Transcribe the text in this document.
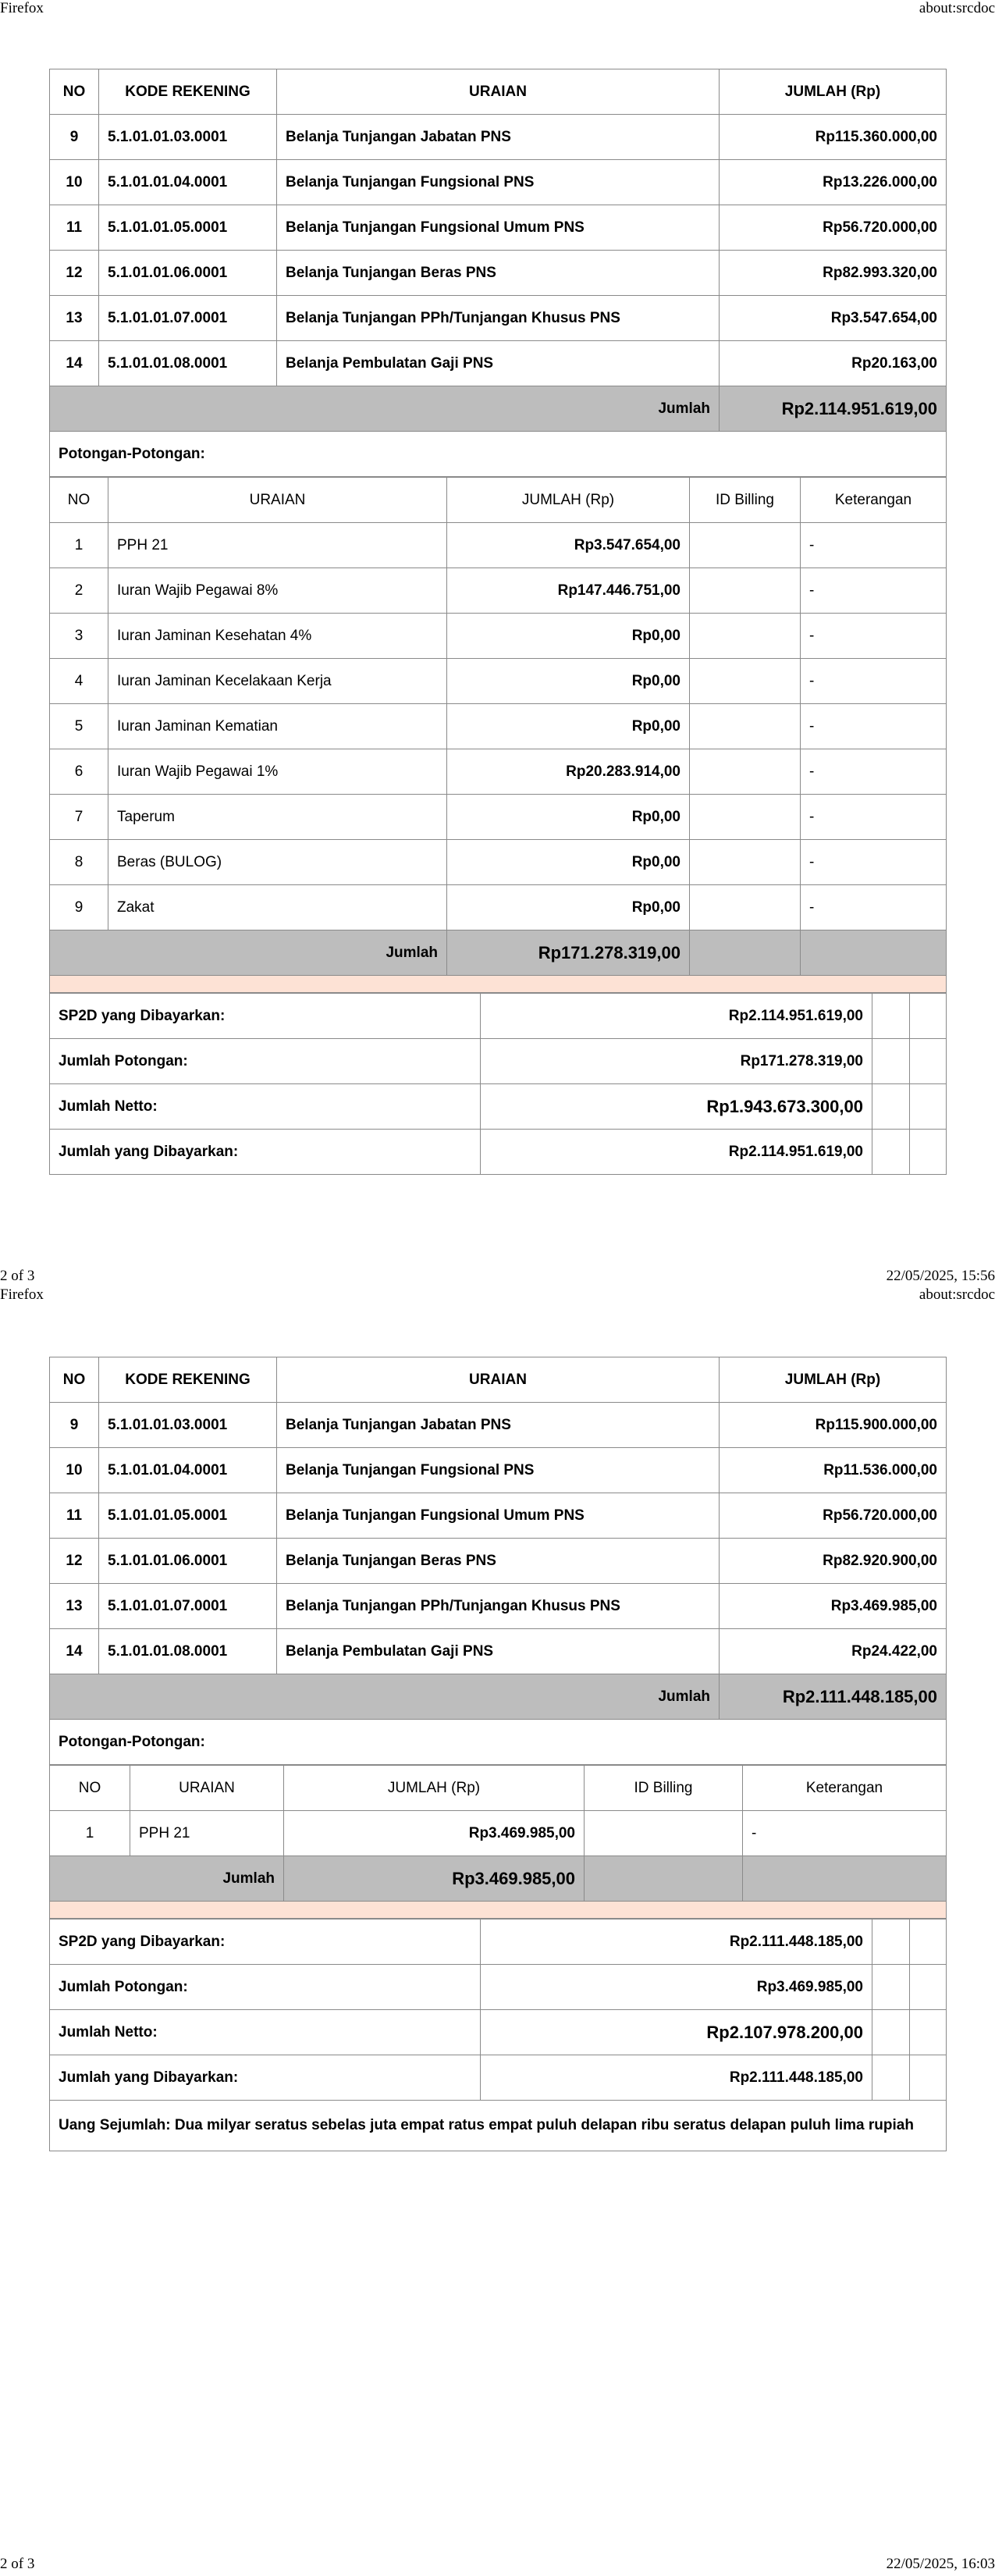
Firefox	about:srcdoc
NO	KODE REKENING	URAIAN	JUMLAH (Rp)
9	5.1.01.01.03.0001	Belanja Tunjangan Jabatan PNS	Rp115.360.000,00
10	5.1.01.01.04.0001	Belanja Tunjangan Fungsional PNS	Rp13.226.000,00
11	5.1.01.01.05.0001	Belanja Tunjangan Fungsional Umum PNS	Rp56.720.000,00
12	5.1.01.01.06.0001	Belanja Tunjangan Beras PNS	Rp82.993.320,00
13	5.1.01.01.07.0001	Belanja Tunjangan PPh/Tunjangan Khusus PNS	Rp3.547.654,00
14	5.1.01.01.08.0001	Belanja Pembulatan Gaji PNS	Rp20.163,00
Jumlah			Rp2.114.951.619,00
Potongan-Potongan:			
NO	URAIAN	JUMLAH (Rp)	ID Billing	Keterangan
1	PPH 21	Rp3.547.654,00		-
2	Iuran Wajib Pegawai 8%	Rp147.446.751,00		-
3	Iuran Jaminan Kesehatan 4%	Rp0,00		-
4	Iuran Jaminan Kecelakaan Kerja	Rp0,00		-
5	Iuran Jaminan Kematian	Rp0,00		-
6	Iuran Wajib Pegawai 1%	Rp20.283.914,00		-
7	Taperum	Rp0,00		-
8	Beras (BULOG)	Rp0,00		-
9	Zakat	Rp0,00		-
Jumlah		Rp171.278.319,00		

SP2D yang Dibayarkan:	Rp2.114.951.619,00		
Jumlah Potongan:	Rp171.278.319,00		
Jumlah Netto:	Rp1.943.673.300,00		
Jumlah yang Dibayarkan:	Rp2.114.951.619,00		
2 of 3	22/05/2025, 15:56
Firefox	about:srcdoc
NO	KODE REKENING	URAIAN	JUMLAH (Rp)
9	5.1.01.01.03.0001	Belanja Tunjangan Jabatan PNS	Rp115.900.000,00
10	5.1.01.01.04.0001	Belanja Tunjangan Fungsional PNS	Rp11.536.000,00
11	5.1.01.01.05.0001	Belanja Tunjangan Fungsional Umum PNS	Rp56.720.000,00
12	5.1.01.01.06.0001	Belanja Tunjangan Beras PNS	Rp82.920.900,00
13	5.1.01.01.07.0001	Belanja Tunjangan PPh/Tunjangan Khusus PNS	Rp3.469.985,00
14	5.1.01.01.08.0001	Belanja Pembulatan Gaji PNS	Rp24.422,00
Jumlah			Rp2.111.448.185,00
Potongan-Potongan:			
NO	URAIAN	JUMLAH (Rp)	ID Billing	Keterangan
1	PPH 21	Rp3.469.985,00		-
Jumlah		Rp3.469.985,00		

SP2D yang Dibayarkan:	Rp2.111.448.185,00		
Jumlah Potongan:	Rp3.469.985,00		
Jumlah Netto:	Rp2.107.978.200,00		
Jumlah yang Dibayarkan:	Rp2.111.448.185,00		
Uang Sejumlah: Dua milyar seratus sebelas juta empat ratus empat puluh delapan ribu seratus delapan puluh lima rupiah			
2 of 3	22/05/2025, 16:03
